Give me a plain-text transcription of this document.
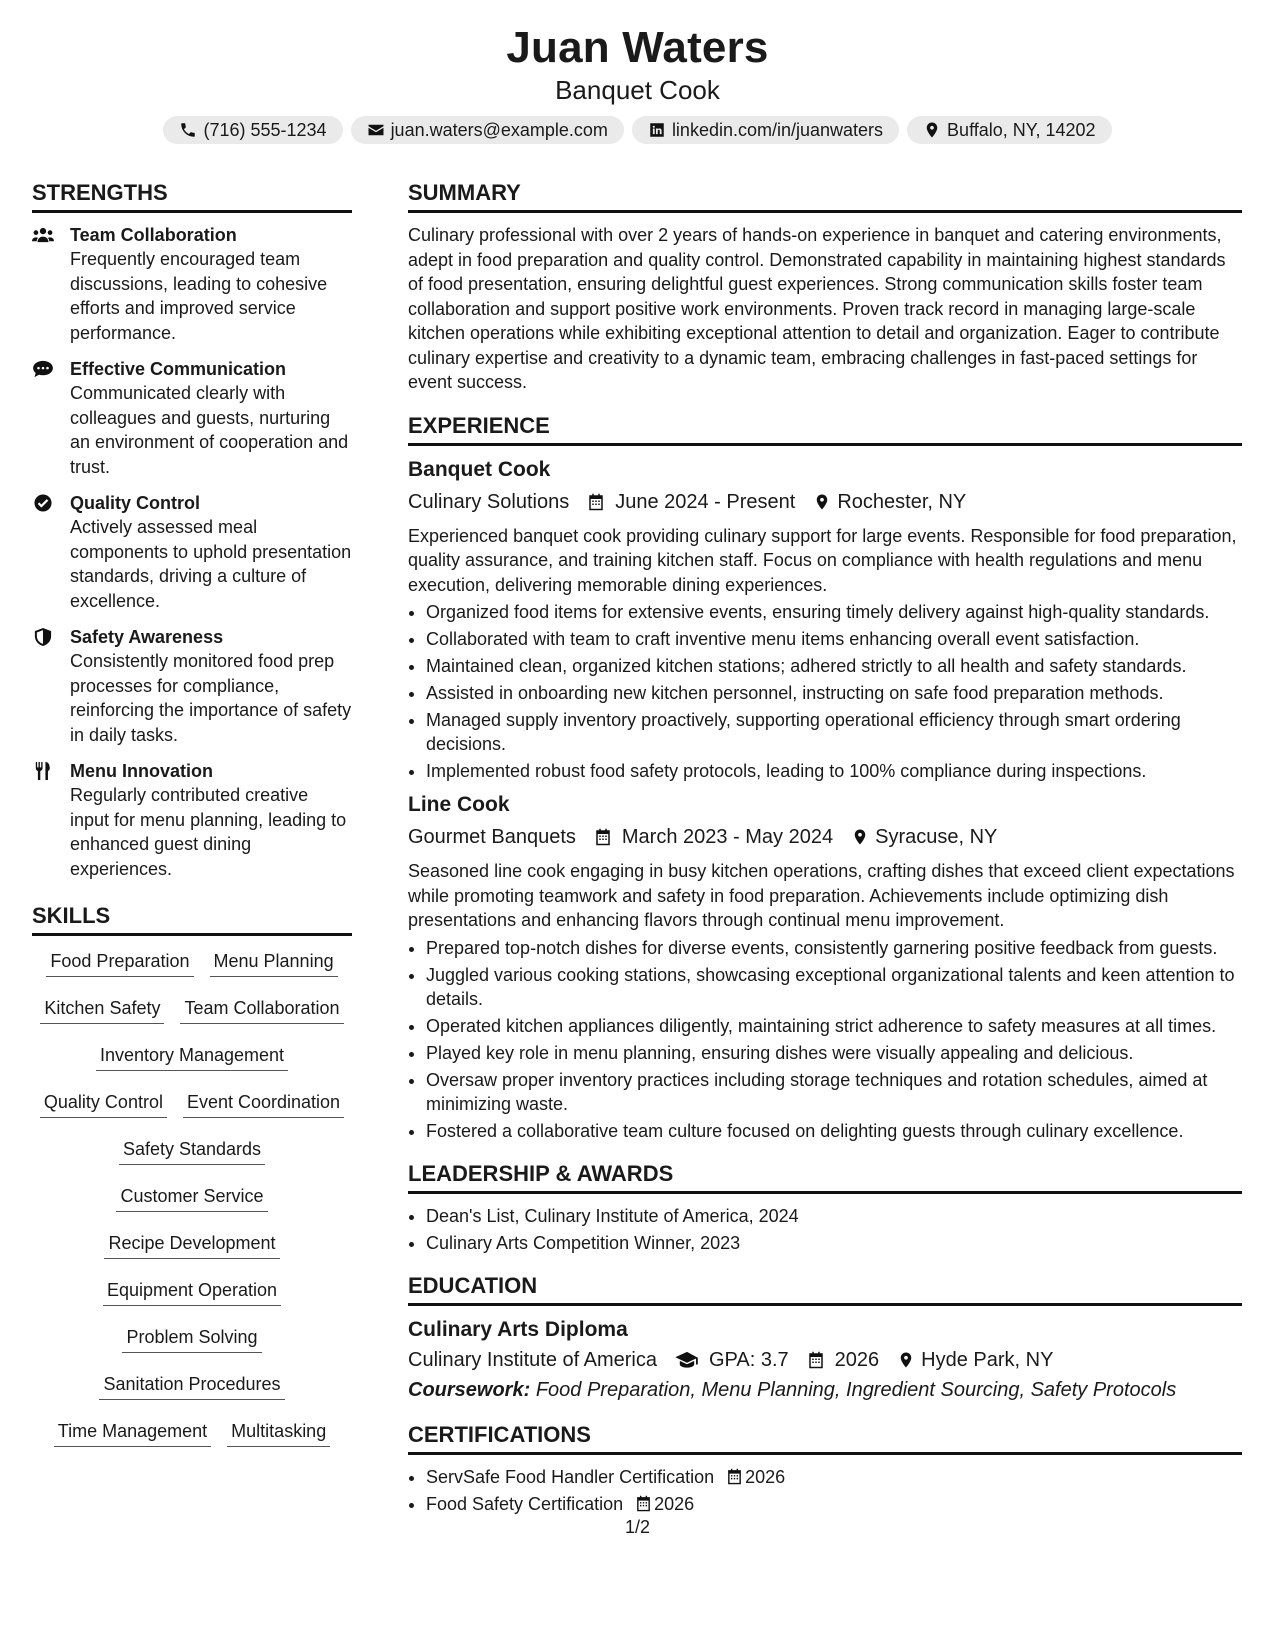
Juan Waters
Banquet Cook
(716) 555-1234	juan.waters@example.com	linkedin.com/in/juanwaters	Buffalo, NY, 14202
STRENGTHS
Team Collaboration
Frequently encouraged team discussions, leading to cohesive efforts and improved service performance.
Effective Communication
Communicated clearly with colleagues and guests, nurturing an environment of cooperation and trust.
Quality Control
Actively assessed meal components to uphold presentation standards, driving a culture of excellence.
Safety Awareness
Consistently monitored food prep processes for compliance, reinforcing the importance of safety in daily tasks.
Menu Innovation
Regularly contributed creative input for menu planning, leading to enhanced guest dining experiences.
SKILLS
Food Preparation Menu Planning
Kitchen Safety Team Collaboration
Inventory Management
Quality Control Event Coordination
Safety Standards
Customer Service
Recipe Development
Equipment Operation
Problem Solving
Sanitation Procedures
Time Management Multitasking
SUMMARY

Culinary professional with over 2 years of hands-on experience in banquet and catering environments, adept in food preparation and quality control. Demonstrated capability in maintaining highest standards of food presentation, ensuring delightful guest experiences. Strong communication skills foster team collaboration and support positive work environments. Proven track record in managing large-scale kitchen operations while exhibiting exceptional attention to detail and organization. Eager to contribute culinary expertise and creativity to a dynamic team, embracing challenges in fast-paced settings for event success.

EXPERIENCE
Banquet Cook
Culinary Solutions June 2024 - Present Rochester, NY

Experienced banquet cook providing culinary support for large events. Responsible for food preparation, quality assurance, and training kitchen staff. Focus on compliance with health regulations and menu execution, delivering memorable dining experiences.

• Organized food items for extensive events, ensuring timely delivery against high-quality standards.
• Collaborated with team to craft inventive menu items enhancing overall event satisfaction.
• Maintained clean, organized kitchen stations; adhered strictly to all health and safety standards.
• Assisted in onboarding new kitchen personnel, instructing on safe food preparation methods.
• Managed supply inventory proactively, supporting operational efficiency through smart ordering decisions.
• Implemented robust food safety protocols, leading to 100% compliance during inspections.
Line Cook
Gourmet Banquets March 2023 - May 2024 Syracuse, NY

Seasoned line cook engaging in busy kitchen operations, crafting dishes that exceed client expectations while promoting teamwork and safety in food preparation. Achievements include optimizing dish presentations and enhancing flavors through continual menu improvement.

• Prepared top-notch dishes for diverse events, consistently garnering positive feedback from guests.
• Juggled various cooking stations, showcasing exceptional organizational talents and keen attention to details.
• Operated kitchen appliances diligently, maintaining strict adherence to safety measures at all times.
• Played key role in menu planning, ensuring dishes were visually appealing and delicious.
• Oversaw proper inventory practices including storage techniques and rotation schedules, aimed at minimizing waste.
• Fostered a collaborative team culture focused on delighting guests through culinary excellence.
LEADERSHIP & AWARDS
• Dean's List, Culinary Institute of America, 2024
• Culinary Arts Competition Winner, 2023
EDUCATION
Culinary Arts Diploma
Culinary Institute of America	GPA: 3.7 2026 Hyde Park, NY
Coursework: Food Preparation, Menu Planning, Ingredient Sourcing, Safety Protocols
CERTIFICATIONS
• ServSafe Food Handler Certification 2026
• Food Safety Certification 2026
1/2
